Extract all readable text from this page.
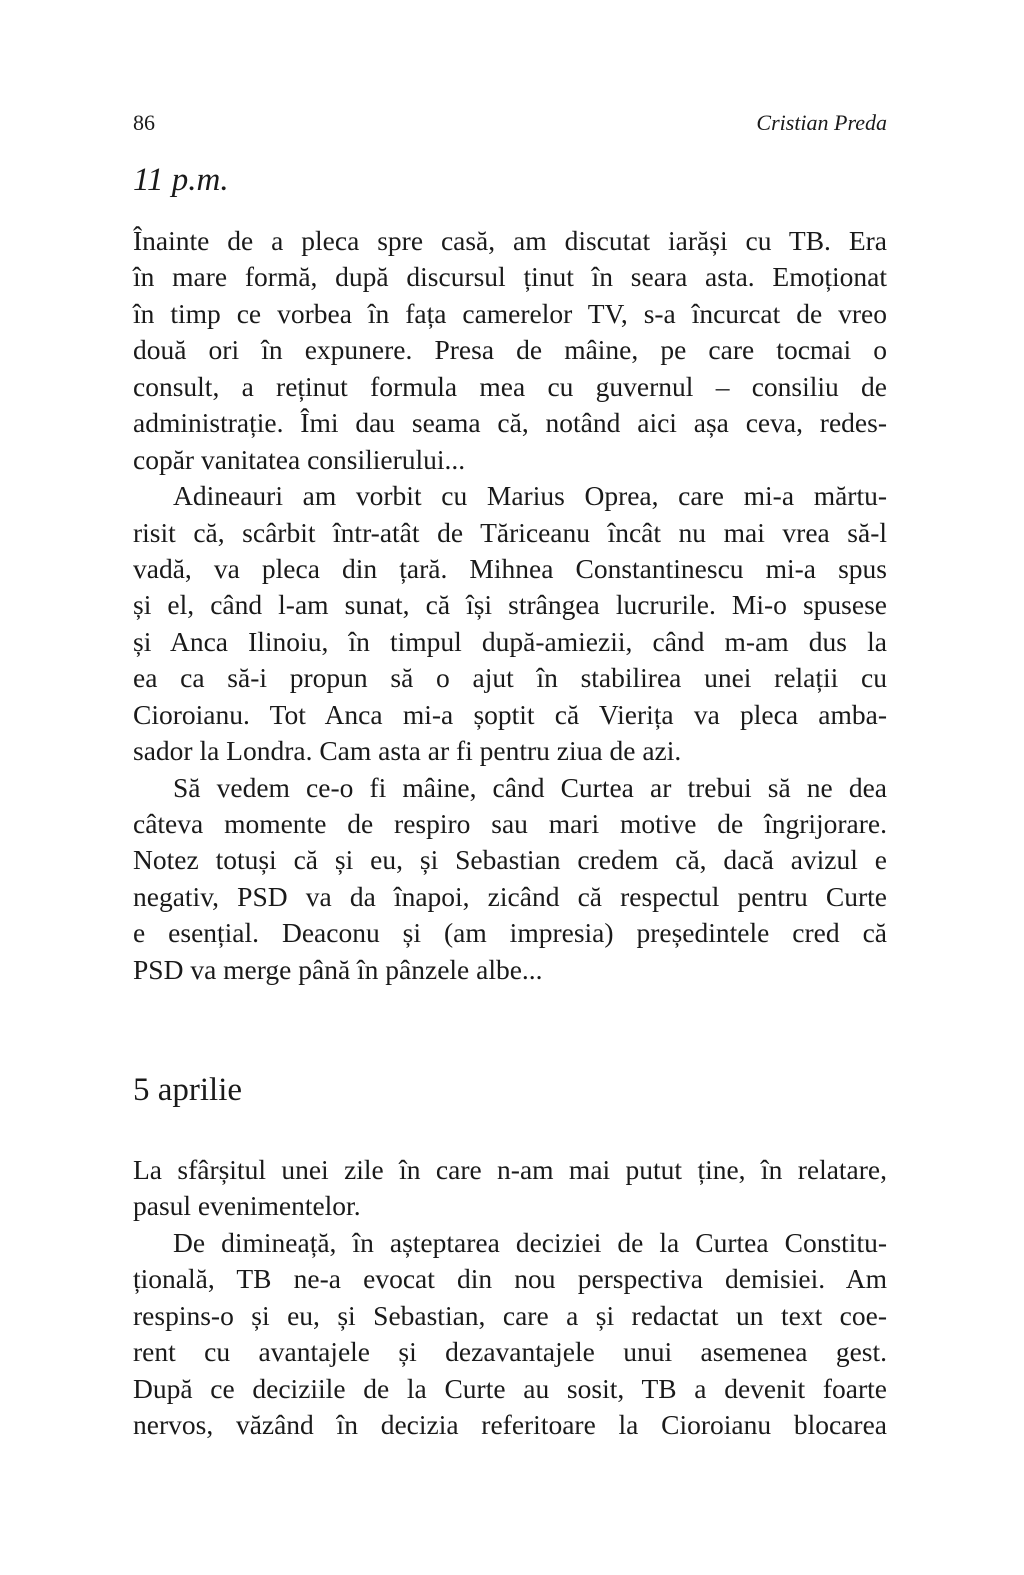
86	Cristian Preda
11 p.m.
Înainte de a pleca spre casă, am discutat iarăși cu TB. Era
în mare formă, după discursul ținut în seara asta. Emoționat
în timp ce vorbea în fața camerelor TV, s-a încurcat de vreo
două ori în expunere. Presa de mâine, pe care tocmai o
consult, a reținut formula mea cu guvernul – consiliu de
administrație. Îmi dau seama că, notând aici așa ceva, redes-
copăr vanitatea consilierului...
Adineauri am vorbit cu Marius Oprea, care mi-a mărtu-
risit că, scârbit într-atât de Tăriceanu încât nu mai vrea să-l
vadă, va pleca din țară. Mihnea Constantinescu mi-a spus
și el, când l-am sunat, că își strângea lucrurile. Mi-o spusese
și Anca Ilinoiu, în timpul după-amiezii, când m-am dus la
ea ca să-i propun să o ajut în stabilirea unei relații cu
Cioroianu. Tot Anca mi-a șoptit că Vierița va pleca amba-
sador la Londra. Cam asta ar fi pentru ziua de azi.
Să vedem ce-o fi mâine, când Curtea ar trebui să ne dea
câteva momente de respiro sau mari motive de îngrijorare.
Notez totuși că și eu, și Sebastian credem că, dacă avizul e
negativ, PSD va da înapoi, zicând că respectul pentru Curte
e esențial. Deaconu și (am impresia) președintele cred că
PSD va merge până în pânzele albe...
5 aprilie
La sfârșitul unei zile în care n-am mai putut ține, în relatare,
pasul evenimentelor.
De dimineață, în așteptarea deciziei de la Curtea Constitu-
țională, TB ne-a evocat din nou perspectiva demisiei. Am
respins-o și eu, și Sebastian, care a și redactat un text coe-
rent cu avantajele și dezavantajele unui asemenea gest.
După ce deciziile de la Curte au sosit, TB a devenit foarte
nervos, văzând în decizia referitoare la Cioroianu blocarea
